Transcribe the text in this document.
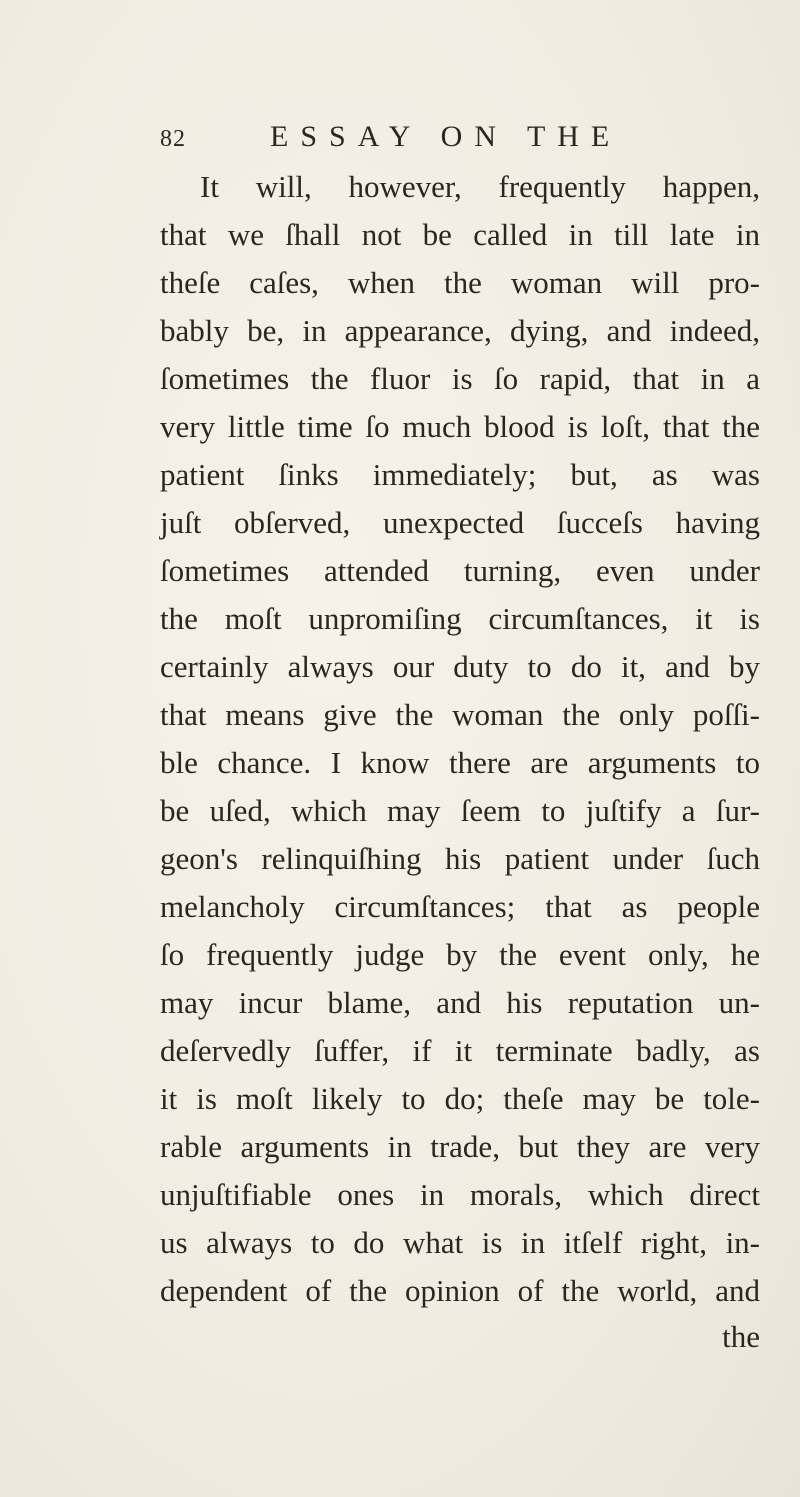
82	ESSAY ON THE
It will, however, frequently happen,
that we ſhall not be called in till late in
theſe caſes, when the woman will pro-
bably be, in appearance, dying, and indeed,
ſometimes the fluor is ſo rapid, that in a
very little time ſo much blood is loſt, that the
patient ſinks immediately; but, as was
juſt obſerved, unexpected ſucceſs having
ſometimes attended turning, even under
the moſt unpromiſing circumſtances, it is
certainly always our duty to do it, and by
that means give the woman the only poſſi-
ble chance. I know there are arguments to
be uſed, which may ſeem to juſtify a ſur-
geon's relinquiſhing his patient under ſuch
melancholy circumſtances; that as people
ſo frequently judge by the event only, he
may incur blame, and his reputation un-
deſervedly ſuffer, if it terminate badly, as
it is moſt likely to do; theſe may be tole-
rable arguments in trade, but they are very
unjuſtifiable ones in morals, which direct
us always to do what is in itſelf right, in-
dependent of the opinion of the world, and
the
